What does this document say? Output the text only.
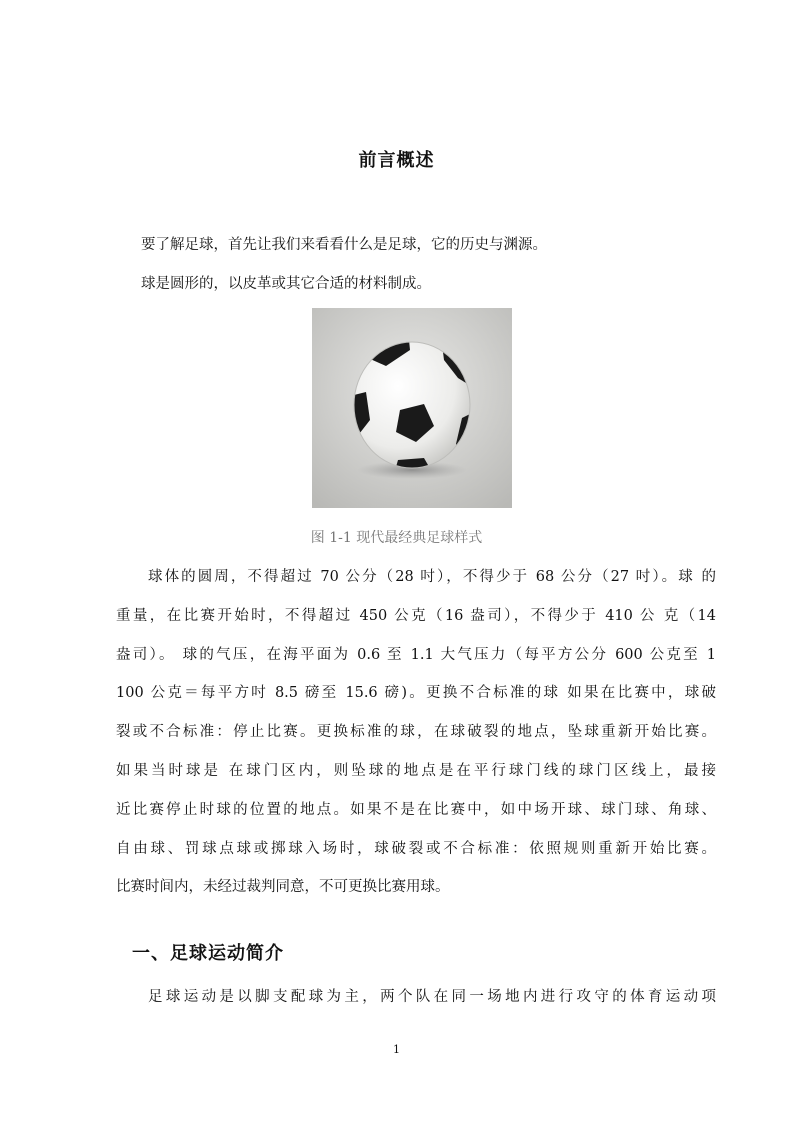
前言概述
要了解足球，首先让我们来看看什么是足球，它的历史与渊源。
球是圆形的，以皮革或其它合适的材料制成。
图 1-1 现代最经典足球样式
球体的圆周，不得超过 70 公分（28 吋），不得少于 68 公分（27 吋）。球 的
重量，在比赛开始时，不得超过 450 公克（16 盎司），不得少于 410 公 克（14
盎司）。 球的气压，在海平面为 0.6 至 1.1 大气压力（每平方公分 600 公克至 1
100 公克＝每平方吋 8.5 磅至 15.6 磅)。更换不合标准的球 如果在比赛中，球破
裂或不合标准：停止比赛。更换标准的球，在球破裂的地点，坠球重新开始比赛。
如果当时球是 在球门区内，则坠球的地点是在平行球门线的球门区线上，最接
近比赛停止时球的位置的地点。如果不是在比赛中，如中场开球、球门球、角球、
自由球、罚球点球或掷球入场时，球破裂或不合标准：依照规则重新开始比赛。
比赛时间内，未经过裁判同意，不可更换比赛用球。
一、足球运动简介
足球运动是以脚支配球为主，两个队在同一场地内进行攻守的体育运动项
1
